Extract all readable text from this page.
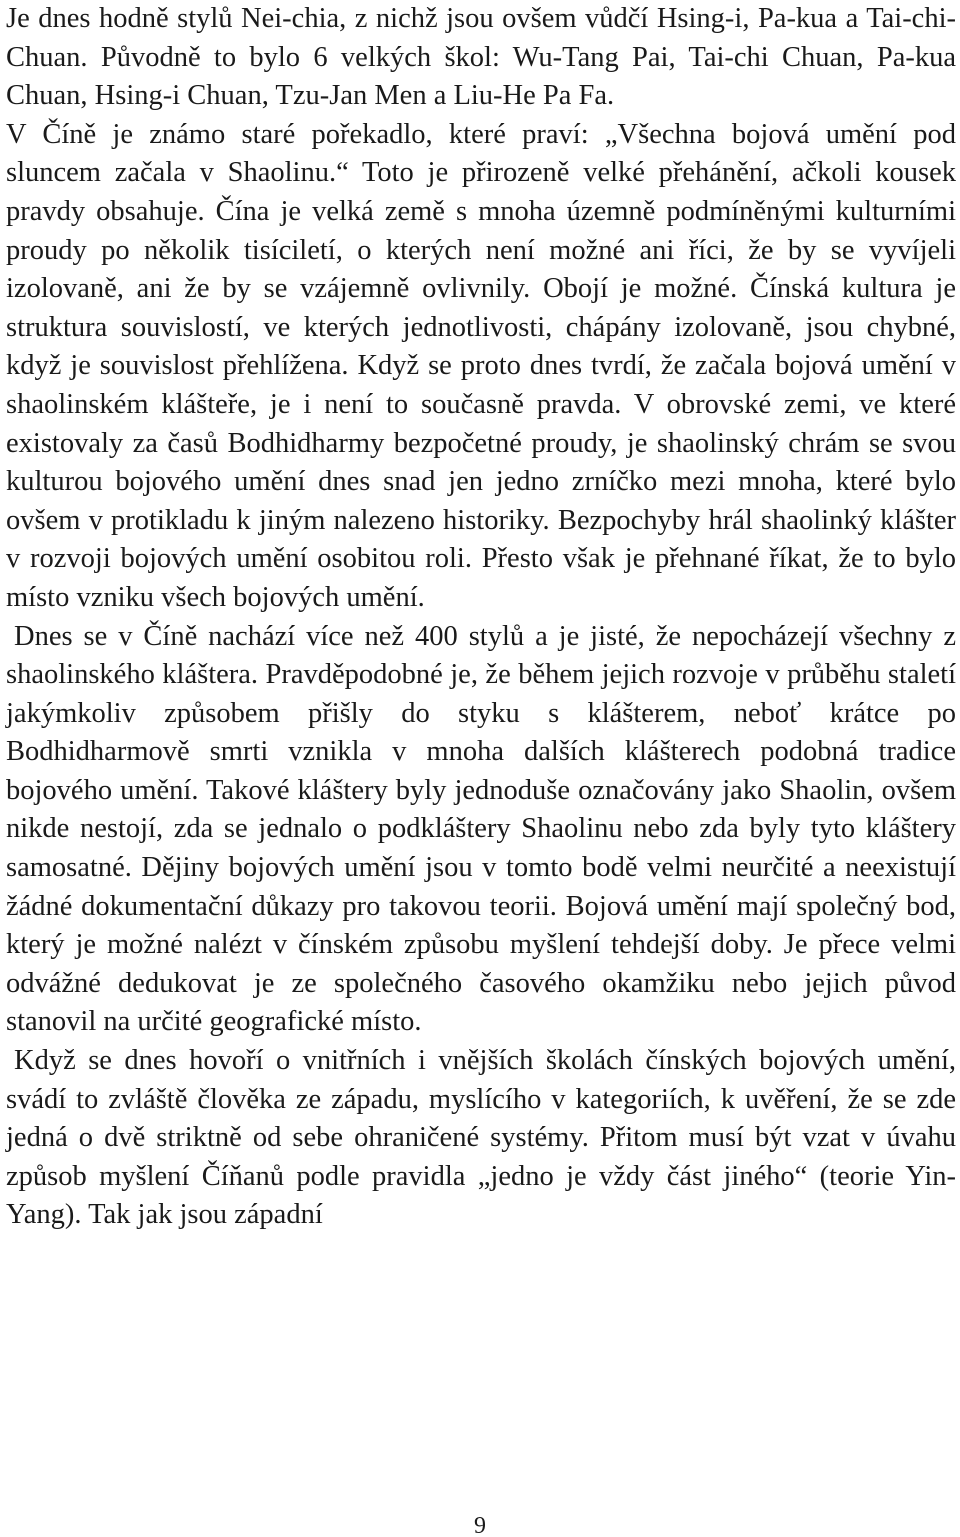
Je dnes hodně stylů Nei-chia, z nichž jsou ovšem vůdčí Hsing-i, Pa-kua a Tai-chi-Chuan. Původně to bylo 6 velkých škol: Wu-Tang Pai, Tai-chi Chuan, Pa-kua Chuan, Hsing-i Chuan, Tzu-Jan Men a Liu-He Pa Fa.

V Číně je známo staré pořekadlo, které praví: „Všechna bojová umění pod sluncem začala v Shaolinu.“ Toto je přirozeně velké přehánění, ačkoli kousek pravdy obsahuje. Čína je velká země s mnoha územně podmíněnými kulturními proudy po několik tisíciletí, o kterých není možné ani říci, že by se vyvíjeli izolovaně, ani že by se vzájemně ovlivnily. Obojí je možné. Čínská kultura je struktura souvislostí, ve kterých jednotlivosti, chápány izolovaně, jsou chybné, když je souvislost přehlížena. Když se proto dnes tvrdí, že začala bojová umění v shaolinském klášteře, je i není to současně pravda. V obrovské zemi, ve které existovaly za časů Bodhidharmy bezpočetné proudy, je shaolinský chrám se svou kulturou bojového umění dnes snad jen jedno zrníčko mezi mnoha, které bylo ovšem v protikladu k jiným nalezeno historiky. Bezpochyby hrál shaolinký klášter v rozvoji bojových umění osobitou roli. Přesto však je přehnané říkat, že to bylo místo vzniku všech bojových umění.

Dnes se v Číně nachází více než 400 stylů a je jisté, že nepocházejí všechny z shaolinského kláštera. Pravděpodobné je, že během jejich rozvoje v průběhu staletí jakýmkoliv způsobem přišly do styku s klášterem, neboť krátce po Bodhidharmově smrti vznikla v mnoha dalších klášterech podobná tradice bojového umění. Takové kláštery byly jednoduše označovány jako Shaolin, ovšem nikde nestojí, zda se jednalo o podkláštery Shaolinu nebo zda byly tyto kláštery samosatné. Dějiny bojových umění jsou v tomto bodě velmi neurčité a neexistují žádné dokumentační důkazy pro takovou teorii. Bojová umění mají společný bod, který je možné nalézt v čínském způsobu myšlení tehdejší doby. Je přece velmi odvážné dedukovat je ze společného časového okamžiku nebo jejich původ stanovil na určité geografické místo.

Když se dnes hovoří o vnitřních i vnějších školách čínských bojových umění, svádí to zvláště člověka ze západu, myslícího v kategoriích, k uvěření, že se zde jedná o dvě striktně od sebe ohraničené systémy. Přitom musí být vzat v úvahu způsob myšlení Číňanů podle pravidla „jedno je vždy část jiného“ (teorie Yin-Yang). Tak jak jsou západní

9
